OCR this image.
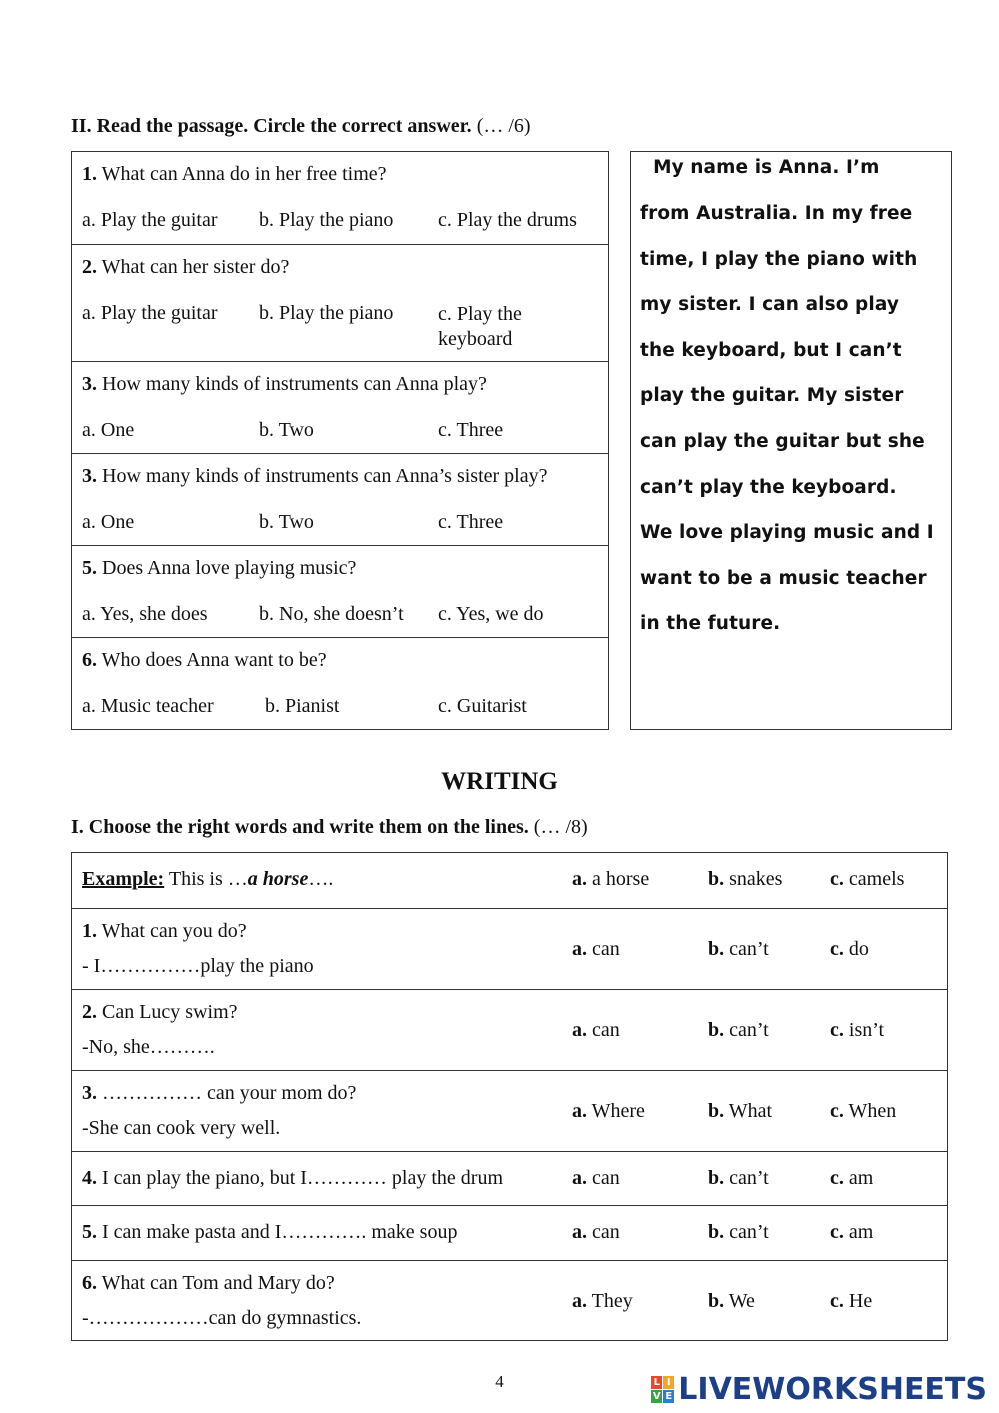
II. Read the passage. Circle the correct answer. (… /6)
1. What can Anna do in her free time?
a. Play the guitar b. Play the piano c. Play the drums
2. What can her sister do?
a. Play the guitar b. Play the piano c. Play the
keyboard
3. How many kinds of instruments can Anna play?
a. One	b. Two	c. Three
3. How many kinds of instruments can Anna’s sister play?
a. One	b. Two	c. Three
5. Does Anna love playing music?
a. Yes, she does	b. No, she doesn’t c. Yes, we do
6. Who does Anna want to be?
a. Music teacher	b. Pianist	c. Guitarist
My name is Anna. I’m
from Australia. In my free
time, I play the piano with
my sister. I can also play
the keyboard, but I can’t
play the guitar. My sister
can play the guitar but she
can’t play the keyboard.
We love playing music and I
want to be a music teacher
in the future.
WRITING
I. Choose the right words and write them on the lines. (… /8)
Example: This is …a horse….	a. a horse	b. snakes c. camels
1. What can you do?
- I……………play the piano
a. can	b. can’t	c. do
2. Can Lucy swim?
-No, she……….
a. can	b. can’t	c. isn’t
3. …………… can your mom do?
-She can cook very well.
a. Where	b. What	c. When
4. I can play the piano, but I………… play the drum	a. can	b. can’t	c. am
5. I can make pasta and I…………. make soup	a. can	b. can’t	c. am
6. What can Tom and Mary do?
-………………can do gymnastics.
a. They	b. We	c. He
4	L I
V E LIVEWORKSHEETS
